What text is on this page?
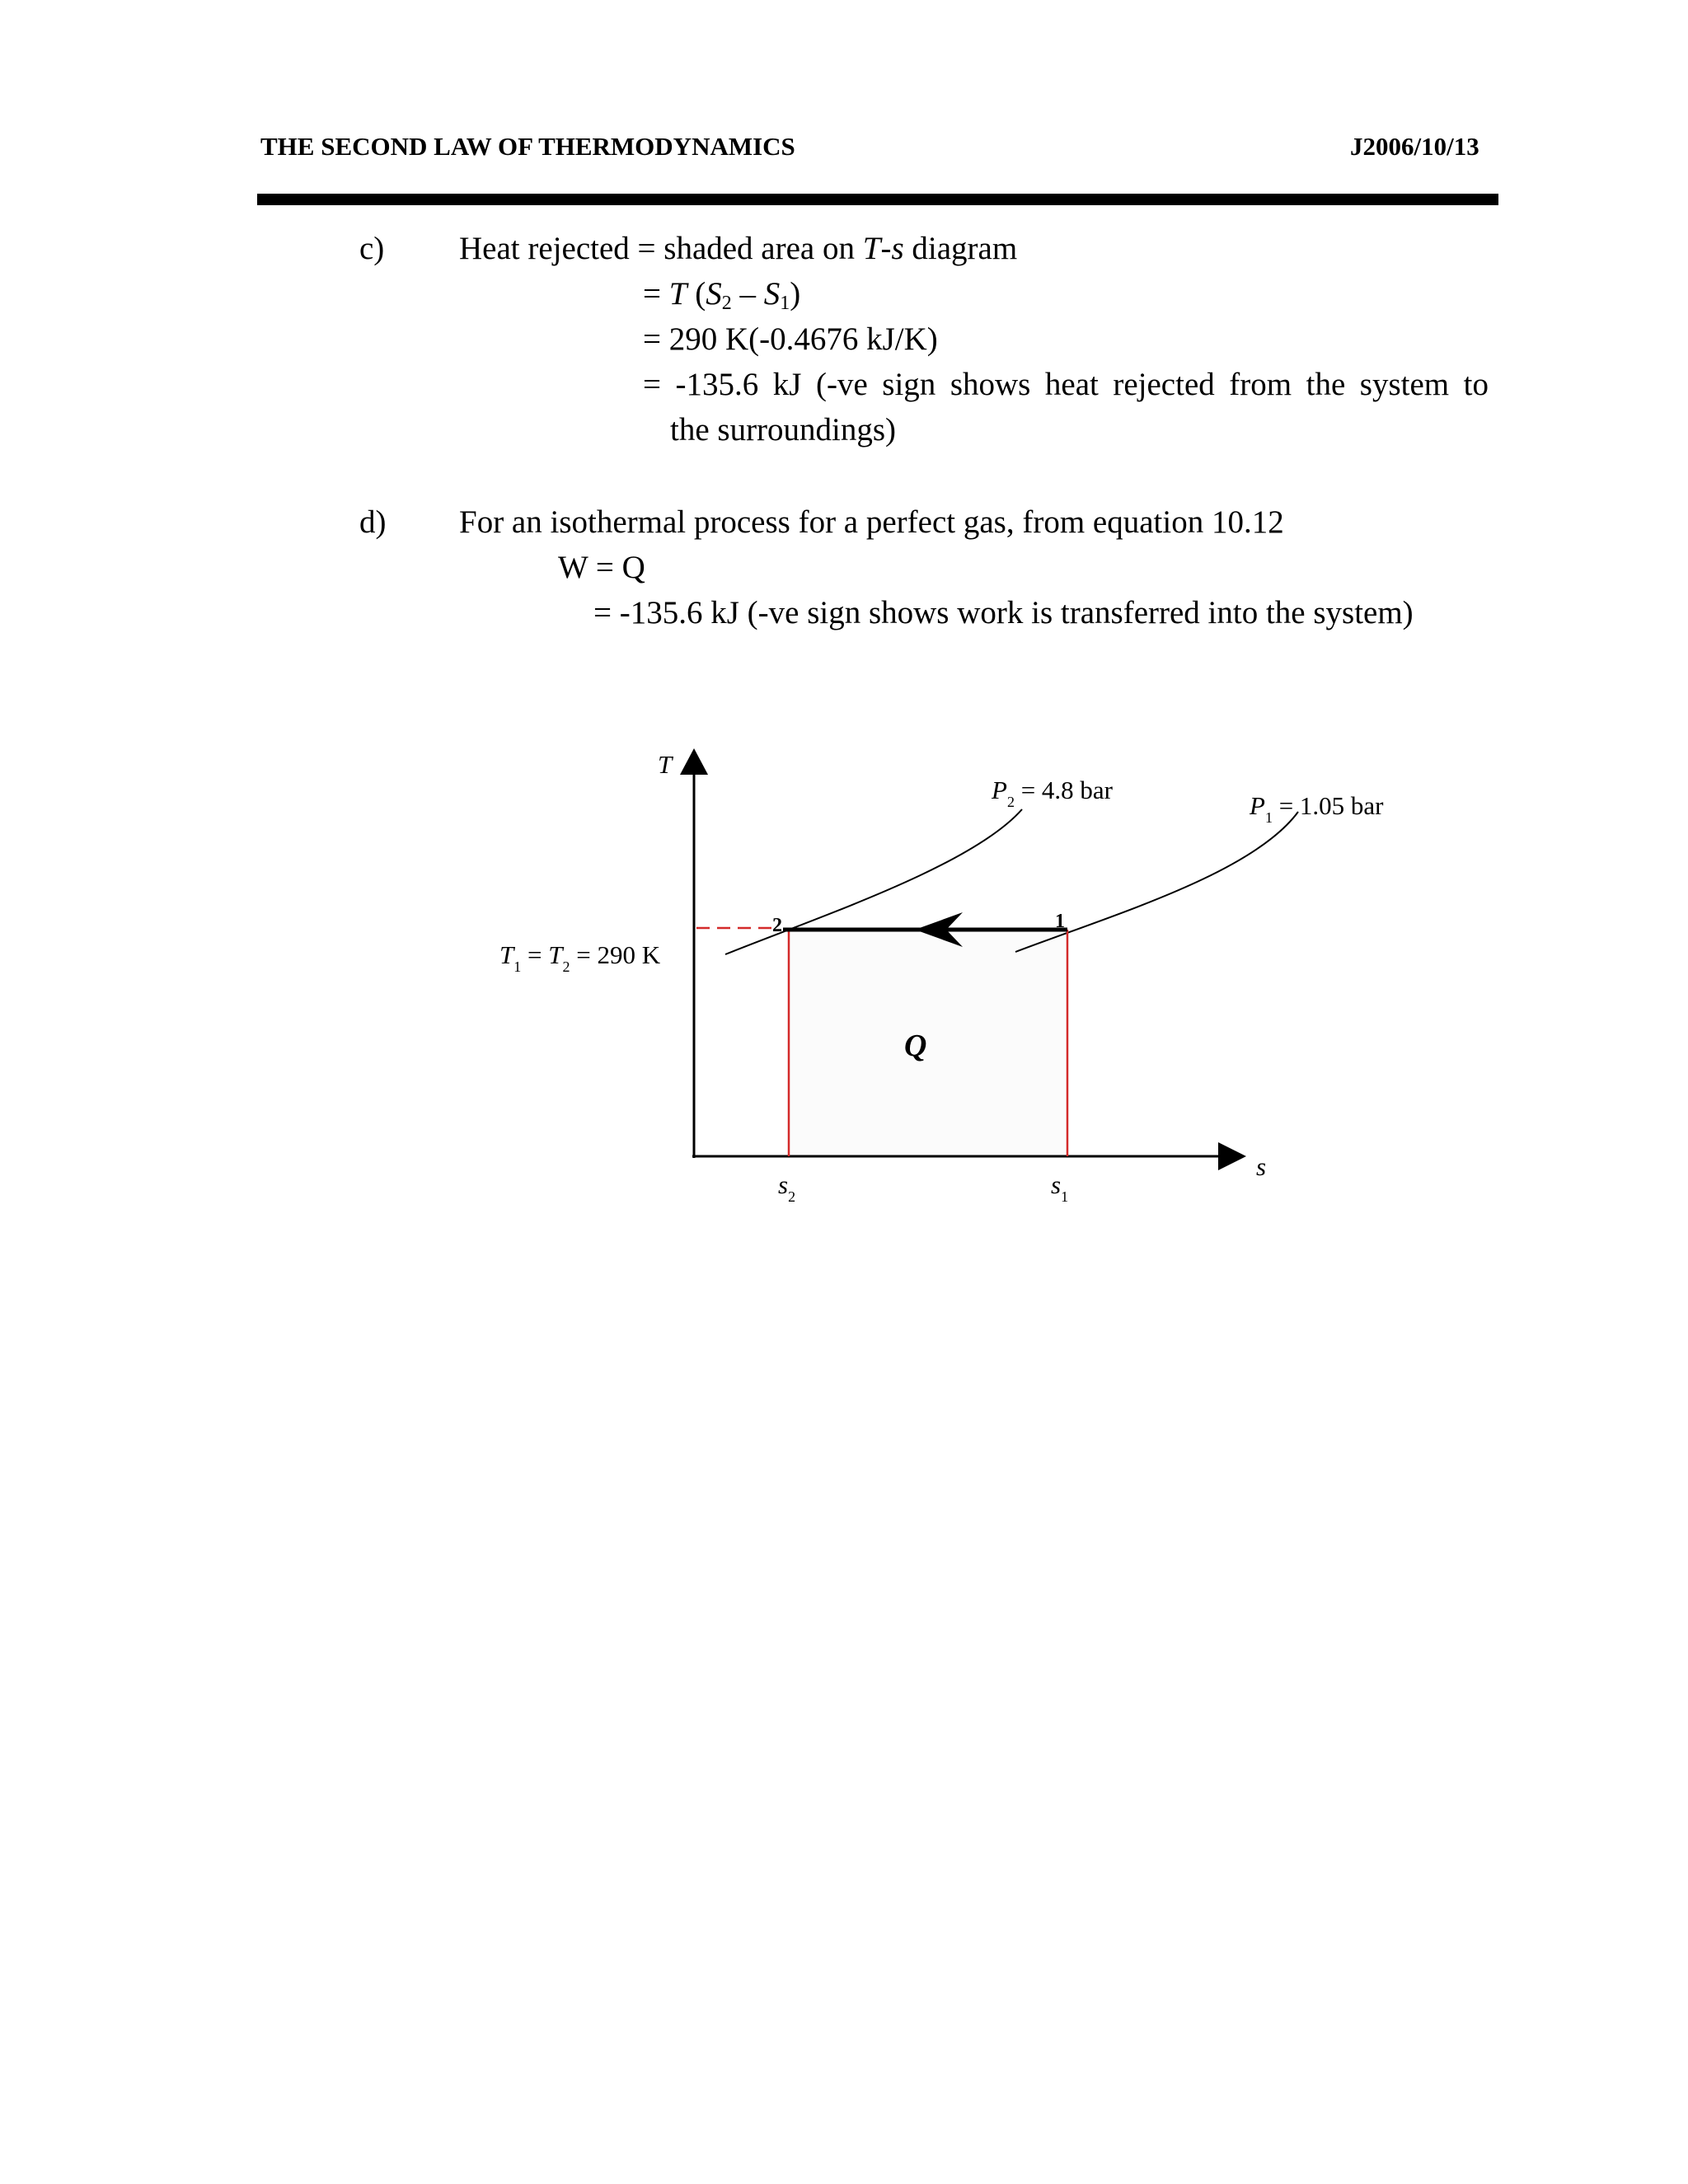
THE SECOND LAW OF THERMODYNAMICS	J2006/10/13
c) Heat rejected = shaded area on T-s diagram
= T $(S_2 - S_1)$
= 290 K(-0.4676 kJ/K)
= -135.6 kJ (-ve sign shows heat rejected from the system to
the surroundings)
d) For an isothermal process for a perfect gas, from equation 10.12
W = Q
= -135.6 kJ (-ve sign shows work is transferred into the system)
T
s
$P_2 = 4.8$ bar
$P_1 = 1.05$ bar
$T_1 = T_2 = 290$ K
2	1
Q
$s_2$	$s_1$
